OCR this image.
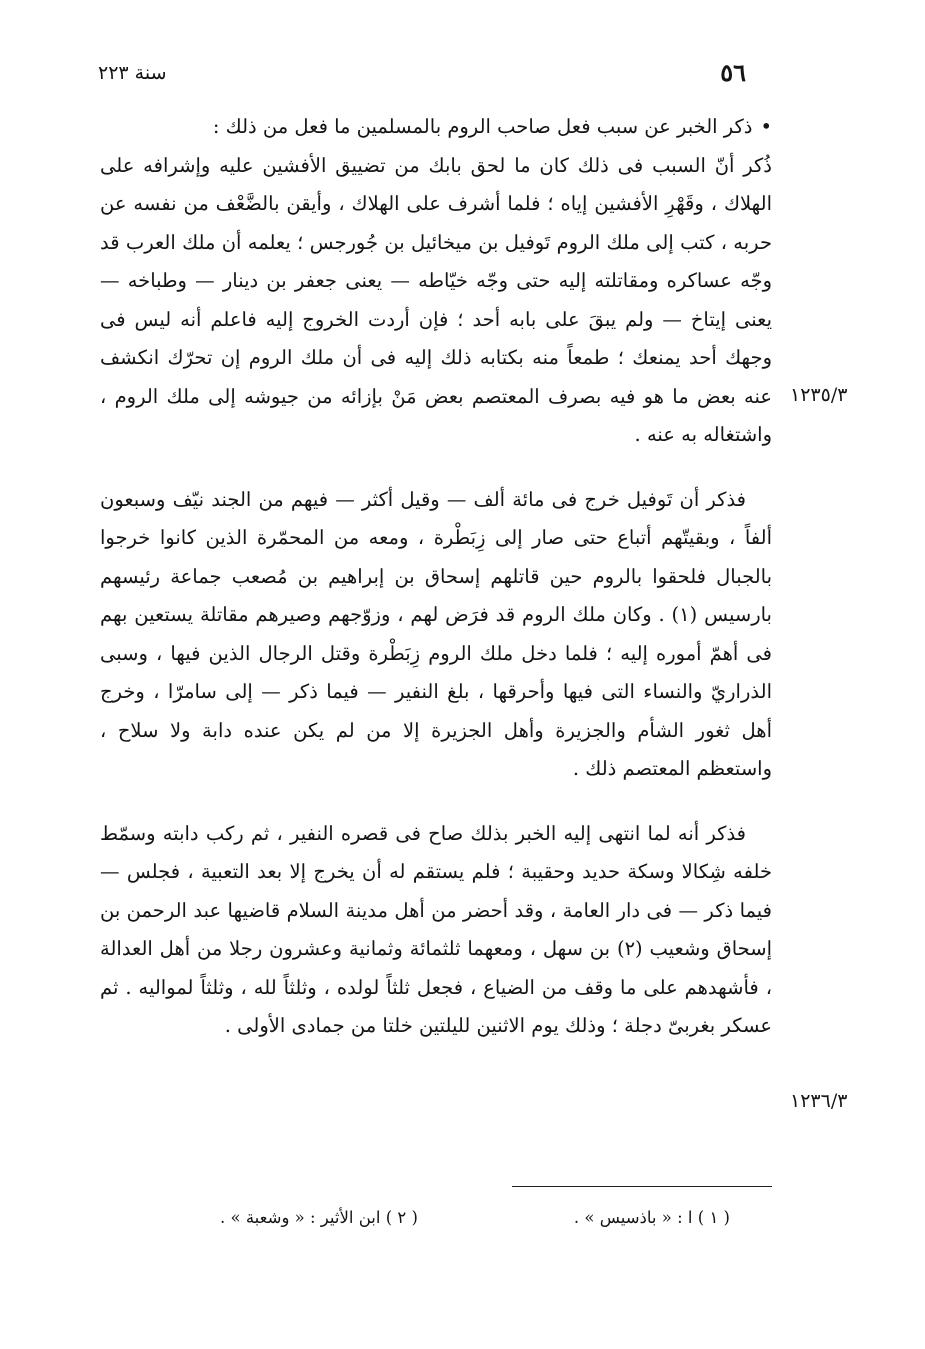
سنة ٢٢٣	٥٦

•ذكر الخبر عن سبب فعل صاحب الروم بالمسلمين ما فعل من ذلك :

ذُكر أنّ السبب فى ذلك كان ما لحق بابك من تضييق الأفشين عليه وإشرافه على الهلاك ، وقَهْرِ الأفشين إياه ؛ فلما أشرف على الهلاك ، وأيقن بالضَّعْف من نفسه عن حربه ، كتب إلى ملك الروم تَوفيل بن ميخائيل بن جُورجس ؛ يعلمه أن ملك العرب قد وجّه عساكره ومقاتلته إليه حتى وجّه خيّاطه — يعنى جعفر بن دينار — وطباخه — يعنى إيتاخ — ولم يبقَ على بابه أحد ؛ فإن أردت الخروج إليه فاعلم أنه ليس فى وجهك أحد يمنعك ؛ طمعاً منه بكتابه ذلك إليه فى أن ملك الروم إن تحرّك انكشف عنه بعض ما هو فيه بصرف المعتصم بعض مَنْ بإزائه من جيوشه إلى ملك الروم ، واشتغاله به عنه .

فذكر أن تَوفيل خرج فى مائة ألف — وقيل أكثر — فيهم من الجند نيّف وسبعون ألفاً ، وبقيتّهم أتباع حتى صار إلى زِبَطْرة ، ومعه من المحمّرة الذين كانوا خرجوا بالجبال فلحقوا بالروم حين قاتلهم إسحاق بن إبراهيم بن مُصعب جماعة رئيسهم بارسيس (١) . وكان ملك الروم قد فرَض لهم ، وزوّجهم وصيرهم مقاتلة يستعين بهم فى أهمّ أموره إليه ؛ فلما دخل ملك الروم زِبَطْرة وقتل الرجال الذين فيها ، وسبى الذراريّ والنساء التى فيها وأحرقها ، بلغ النفير — فيما ذكر — إلى سامرّا ، وخرج أهل ثغور الشأم والجزيرة وأهل الجزيرة إلا من لم يكن عنده دابة ولا سلاح ، واستعظم المعتصم ذلك .

فذكر أنه لما انتهى إليه الخبر بذلك صاح فى قصره النفير ، ثم ركب دابته وسمّط خلفه شِكالا وسكة حديد وحقيبة ؛ فلم يستقم له أن يخرج إلا بعد التعبية ، فجلس — فيما ذكر — فى دار العامة ، وقد أحضر من أهل مدينة السلام قاضيها عبد الرحمن بن إسحاق وشعيب (٢) بن سهل ، ومعهما ثلثمائة وثمانية وعشرون رجلا من أهل العدالة ، فأشهدهم على ما وقف من الضياع ، فجعل ثلثاً لولده ، وثلثاً لله ، وثلثاً لمواليه . ثم عسكر بغربىّ دجلة ؛ وذلك يوم الاثنين لليلتين خلتا من جمادى الأولى .

١٢٣٥/٣
١٢٣٦/٣
( ١ ) ا : « باذسيس » .
( ٢ ) ابن الأثير : « وشعبة » .
